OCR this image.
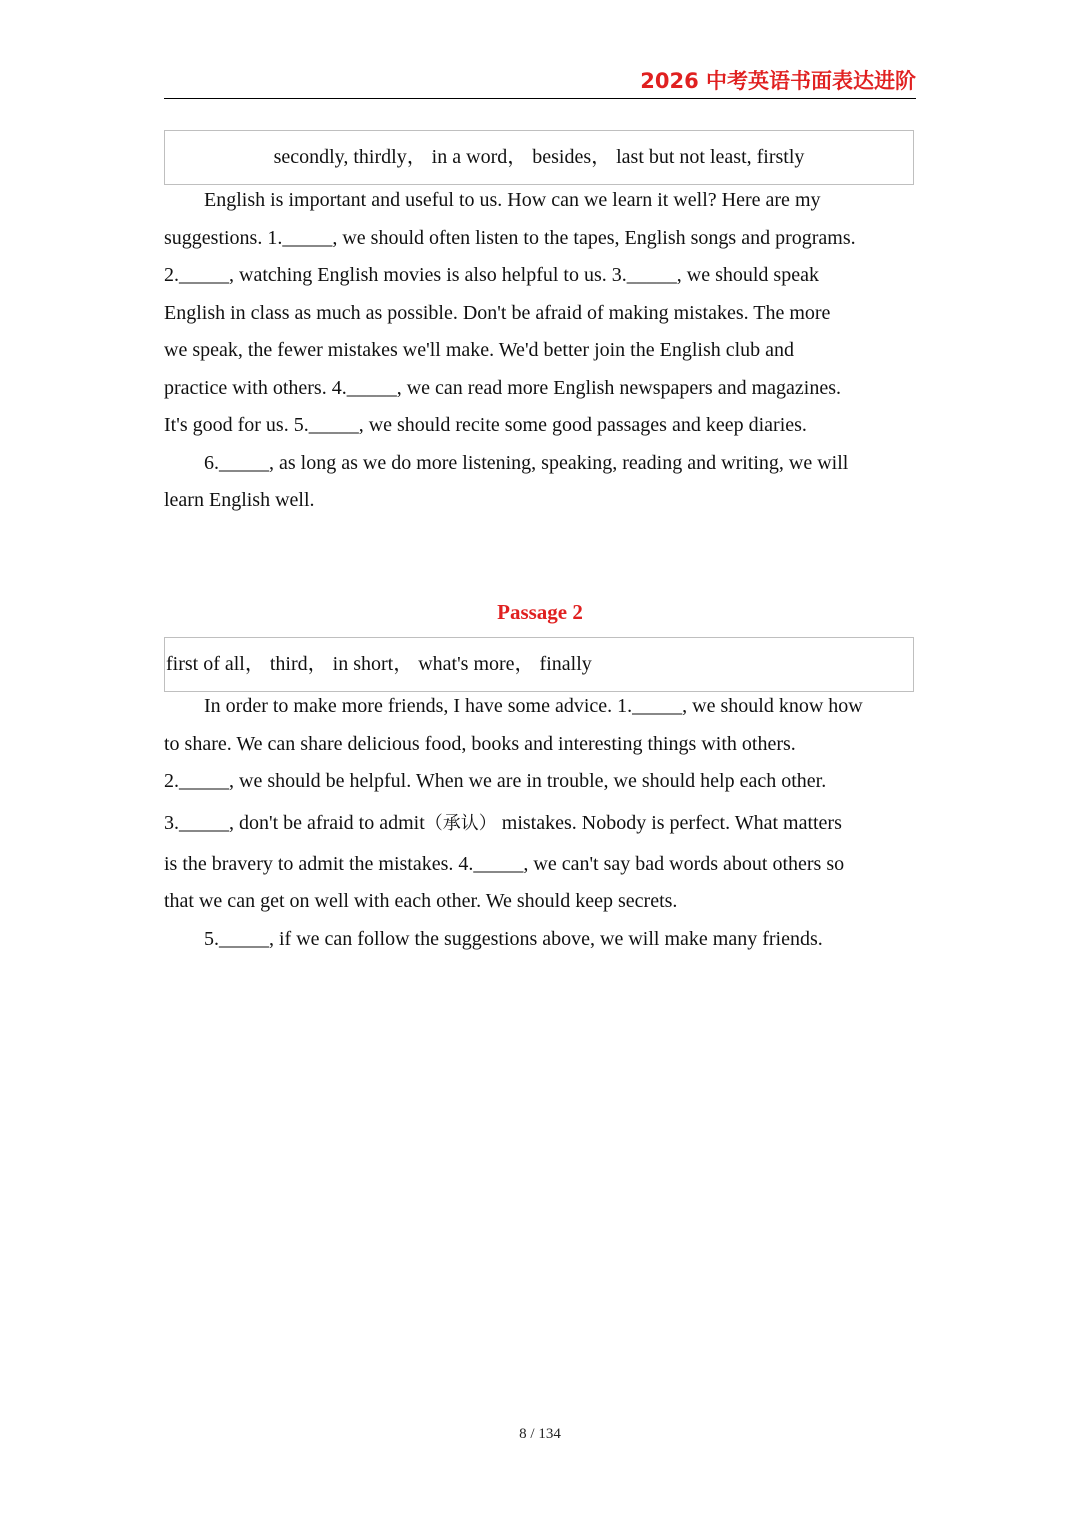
2026 中考英语书面表达进阶
secondly, thirdly， in a word， besides， last but not least, firstly

English is important and useful to us. How can we learn it well? Here are my

suggestions. 1._____, we should often listen to the tapes, English songs and programs.

2._____, watching English movies is also helpful to us. 3._____, we should speak

English in class as much as possible. Don't be afraid of making mistakes. The more

we speak, the fewer mistakes we'll make. We'd better join the English club and

practice with others. 4._____, we can read more English newspapers and magazines.

It's good for us. 5._____, we should recite some good passages and keep diaries.

6._____, as long as we do more listening, speaking, reading and writing, we will

learn English well.

Passage 2
first of all， third， in short， what's more， finally

In order to make more friends, I have some advice. 1._____, we should know how

to share. We can share delicious food, books and interesting things with others.

2._____, we should be helpful. When we are in trouble, we should help each other.

3._____, don't be afraid to admit（承认） mistakes. Nobody is perfect. What matters

is the bravery to admit the mistakes. 4._____, we can't say bad words about others so

that we can get on well with each other. We should keep secrets.

5._____, if we can follow the suggestions above, we will make many friends.

8 / 134
